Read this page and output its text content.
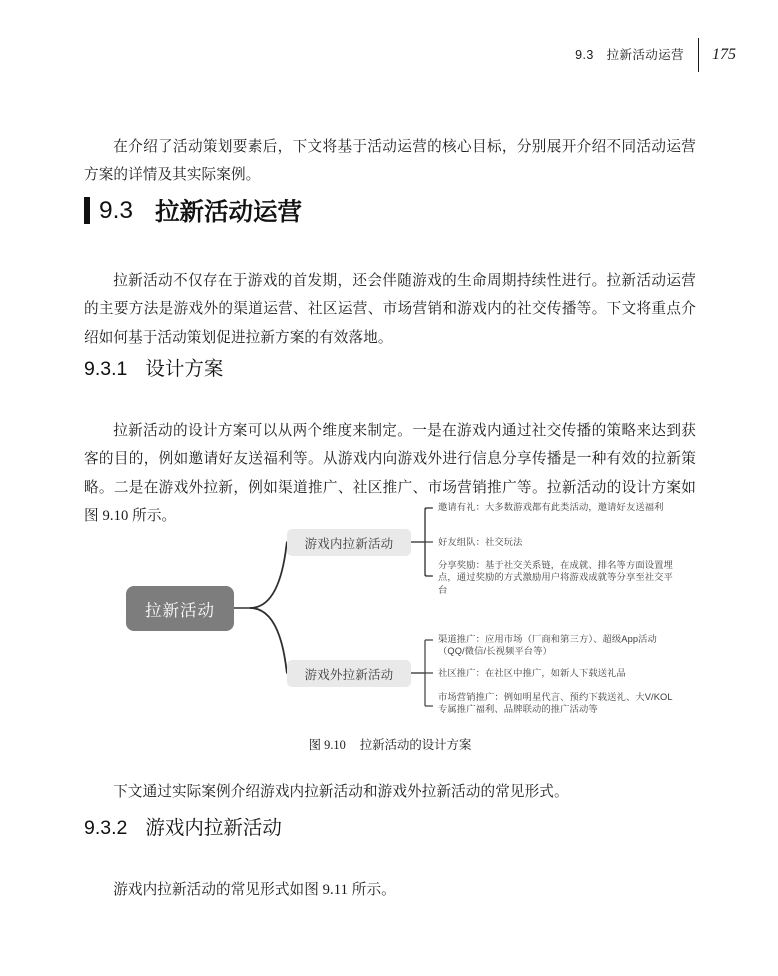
9.3　拉新活动运营	175

在介绍了活动策划要素后，下文将基于活动运营的核心目标，分别展开介绍不同活动运营方案的详情及其实际案例。

9.3 拉新活动运营

拉新活动不仅存在于游戏的首发期，还会伴随游戏的生命周期持续性进行。拉新活动运营的主要方法是游戏外的渠道运营、社区运营、市场营销和游戏内的社交传播等。下文将重点介绍如何基于活动策划促进拉新方案的有效落地。

9.3.1 设计方案

拉新活动的设计方案可以从两个维度来制定。一是在游戏内通过社交传播的策略来达到获客的目的，例如邀请好友送福利等。从游戏内向游戏外进行信息分享传播是一种有效的拉新策略。二是在游戏外拉新，例如渠道推广、社区推广、市场营销推广等。拉新活动的设计方案如图 9.10 所示。

拉新活动
游戏内拉新活动
游戏外拉新活动
邀请有礼：大多数游戏都有此类活动，邀请好友送福利
好友组队：社交玩法
分享奖励：基于社交关系链，在成就、排名等方面设置埋点，通过奖励的方式激励用户将游戏成就等分享至社交平台
渠道推广：应用市场（厂商和第三方）、超级App活动（QQ/微信/长视频平台等）
社区推广：在社区中推广，如新人下载送礼品
市场营销推广：例如明星代言、预约下载送礼、大V/KOL专属推广福利、品牌联动的推广活动等
图 9.10 拉新活动的设计方案

下文通过实际案例介绍游戏内拉新活动和游戏外拉新活动的常见形式。

9.3.2 游戏内拉新活动

游戏内拉新活动的常见形式如图 9.11 所示。
